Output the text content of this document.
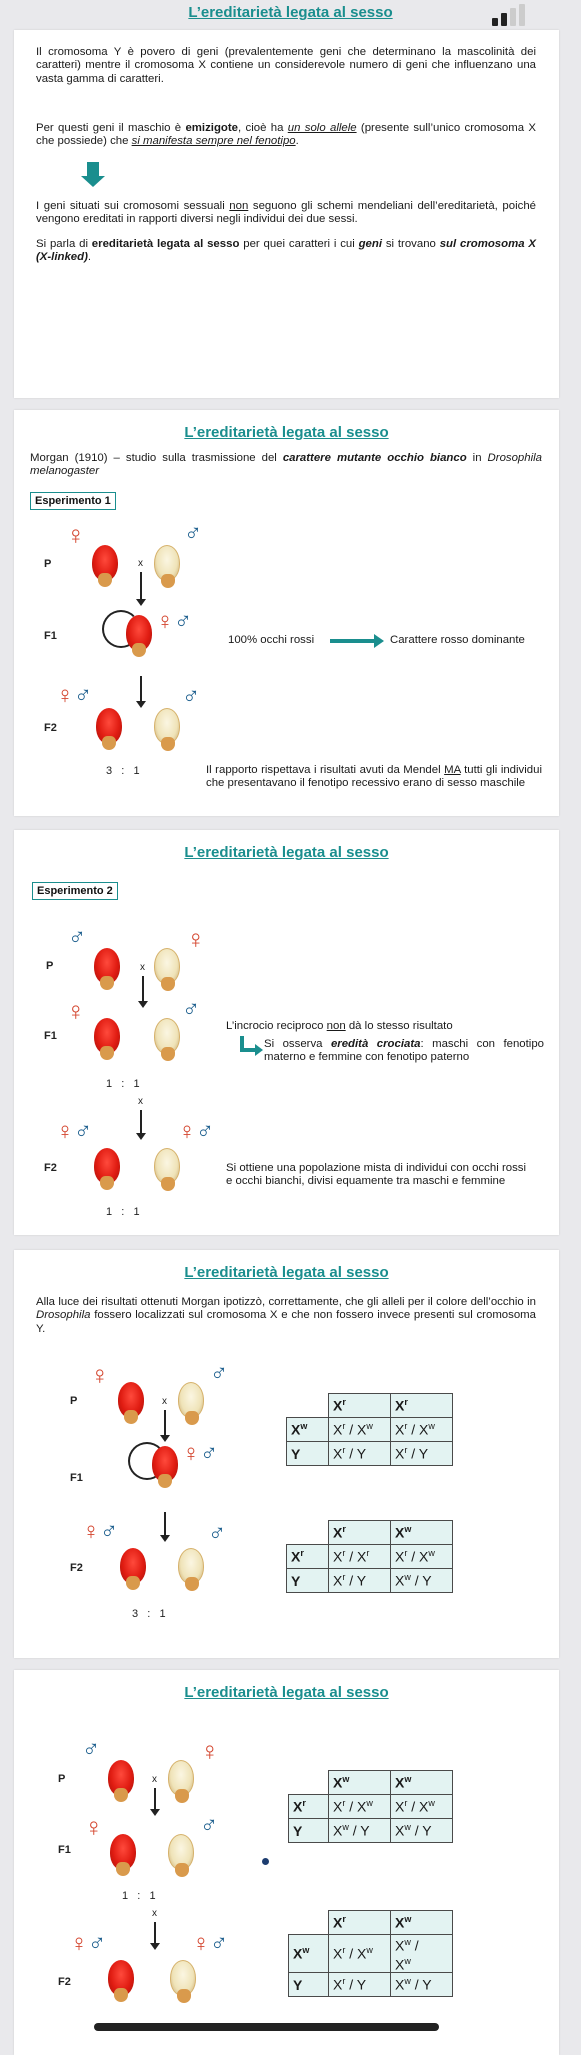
L’ereditarietà legata al sesso
Il cromosoma Y è povero di geni (prevalentemente geni che determinano la mascolinità dei caratteri) mentre il cromosoma X contiene un considerevole numero di geni che influenzano una vasta gamma di caratteri.
Per questi geni il maschio è emizigote, cioè ha un solo allele (presente sull’unico cromosoma X che possiede) che si manifesta sempre nel fenotipo.
I geni situati sui cromosomi sessuali non seguono gli schemi mendeliani dell’ereditarietà, poiché vengono ereditati in rapporti diversi negli individui dei due sessi.
Si parla di ereditarietà legata al sesso per quei caratteri i cui geni si trovano sul cromosoma X (X-linked).
L’ereditarietà legata al sesso
Morgan (1910) – studio sulla trasmissione del carattere mutante occhio bianco in Drosophila melanogaster
Esperimento 1
P
♀
x
♂
F1
♀♂
100% occhi rossi	Carattere rosso dominante
F2
♀♂	♂
3   :   1	Il rapporto rispettava i risultati avuti da Mendel MA tutti gli individui che presentavano il fenotipo recessivo erano di sesso maschile
L’ereditarietà legata al sesso
Esperimento 2
P
♂
x
♀
F1
♀	♂
1   :   1
x
L’incrocio reciproco non dà lo stesso risultato
Si osserva eredità crociata: maschi con fenotipo materno e femmine con fenotipo paterno
F2
♀♂	♀♂
1   :   1
Si ottiene una popolazione mista di individui con occhi rossi e occhi bianchi, divisi equamente tra maschi e femmine
L’ereditarietà legata al sesso
Alla luce dei risultati ottenuti Morgan ipotizzò, correttamente, che gli alleli per il colore dell’occhio in Drosophila fossero localizzati sul cromosoma X e che non fossero invece presenti sul cromosoma Y.
P
♀
x
♂
F1
♀♂
F2
♀♂	♂
3   :   1
	$X^r$	$X^r$
$X^w$	$X^r / X^w$	$X^r / X^w$
Y	$X^r$ / Y	$X^r$ / Y
	$X^r$	$X^w$
$X^r$	$X^r / X^r$	$X^r / X^w$
Y	$X^r$ / Y	$X^w$ / Y
L’ereditarietà legata al sesso
P
♂
x
♀
F1
♀	♂
1   :   1
x
F2
♀♂	♀♂
	$X^w$	$X^w$
$X^r$	$X^r / X^w$	$X^r / X^w$
Y	$X^w$ / Y	$X^w$ / Y
	$X^r$	$X^w$
$X^w$	$X^r / X^w$	$X^w$ /
$X^w$
Y	$X^r$ / Y	$X^w$ / Y
